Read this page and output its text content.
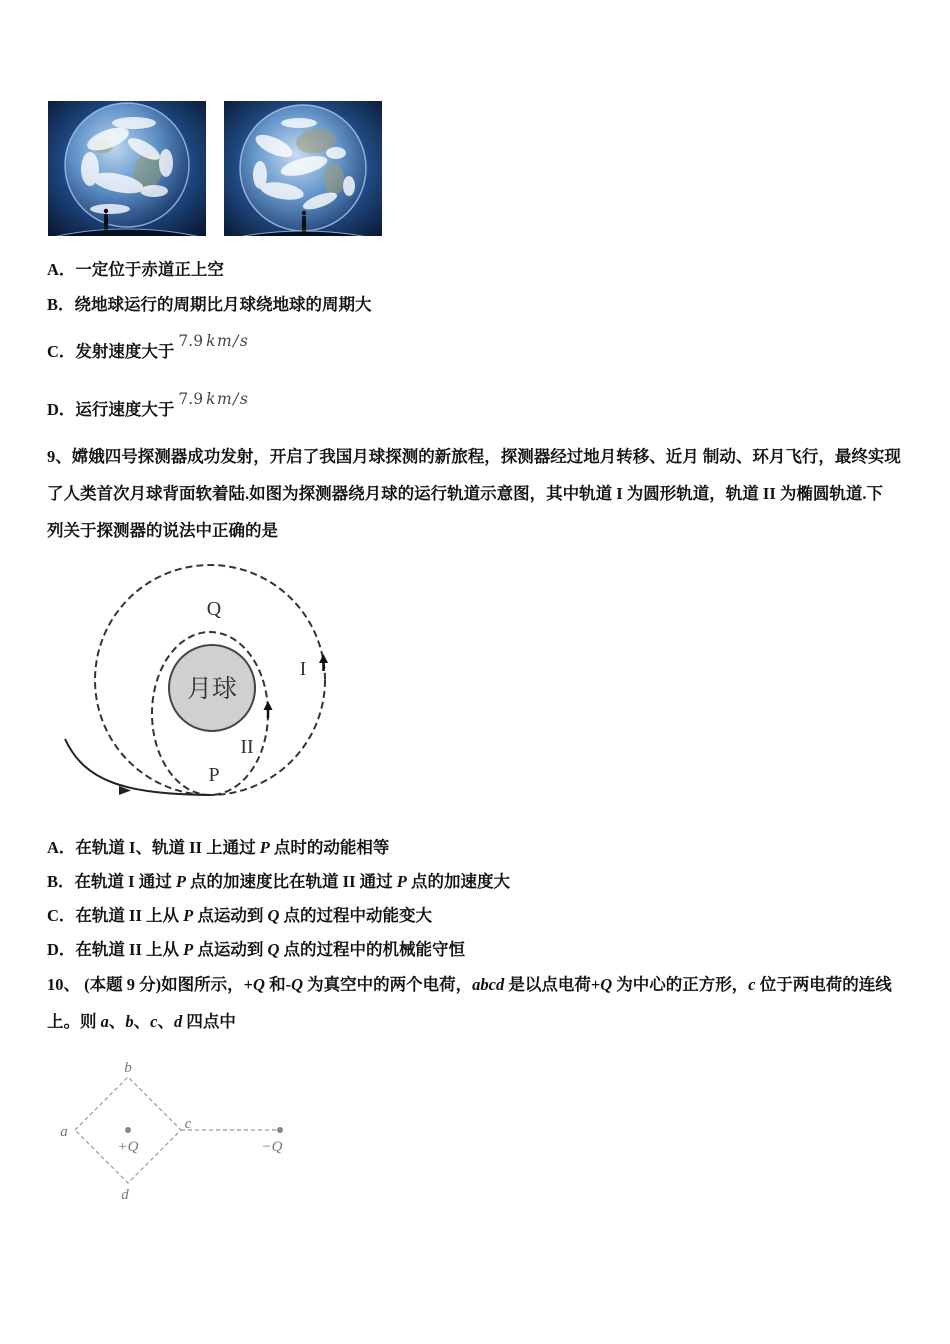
A．一定位于赤道正上空
B．绕地球运行的周期比月球绕地球的周期大
C．发射速度大于7.9 km/s
D．运行速度大于7.9 km/s
9、嫦娥四号探测器成功发射，开启了我国月球探测的新旅程，探测器经过地月转移、近月 制动、环月飞行，最终实现
了人类首次月球背面软着陆.如图为探测器绕月球的运行轨道示意图，其中轨道 I 为圆形轨道，轨道 II 为椭圆轨道.下
列关于探测器的说法中正确的是
月球
Q
I
II
P
A．在轨道 I、轨道 II 上通过 P 点时的动能相等
B．在轨道 I 通过 P 点的加速度比在轨道 II 通过 P 点的加速度大
C．在轨道 II 上从 P 点运动到 Q 点的过程中动能变大
D．在轨道 II 上从 P 点运动到 Q 点的过程中的机械能守恒
10、 (本题 9 分)如图所示，+Q 和-Q 为真空中的两个电荷，abcd 是以点电荷+Q 为中心的正方形，c 位于两电荷的连线
上。则 a、b、c、d 四点中
b
a	c
d
+Q	−Q
